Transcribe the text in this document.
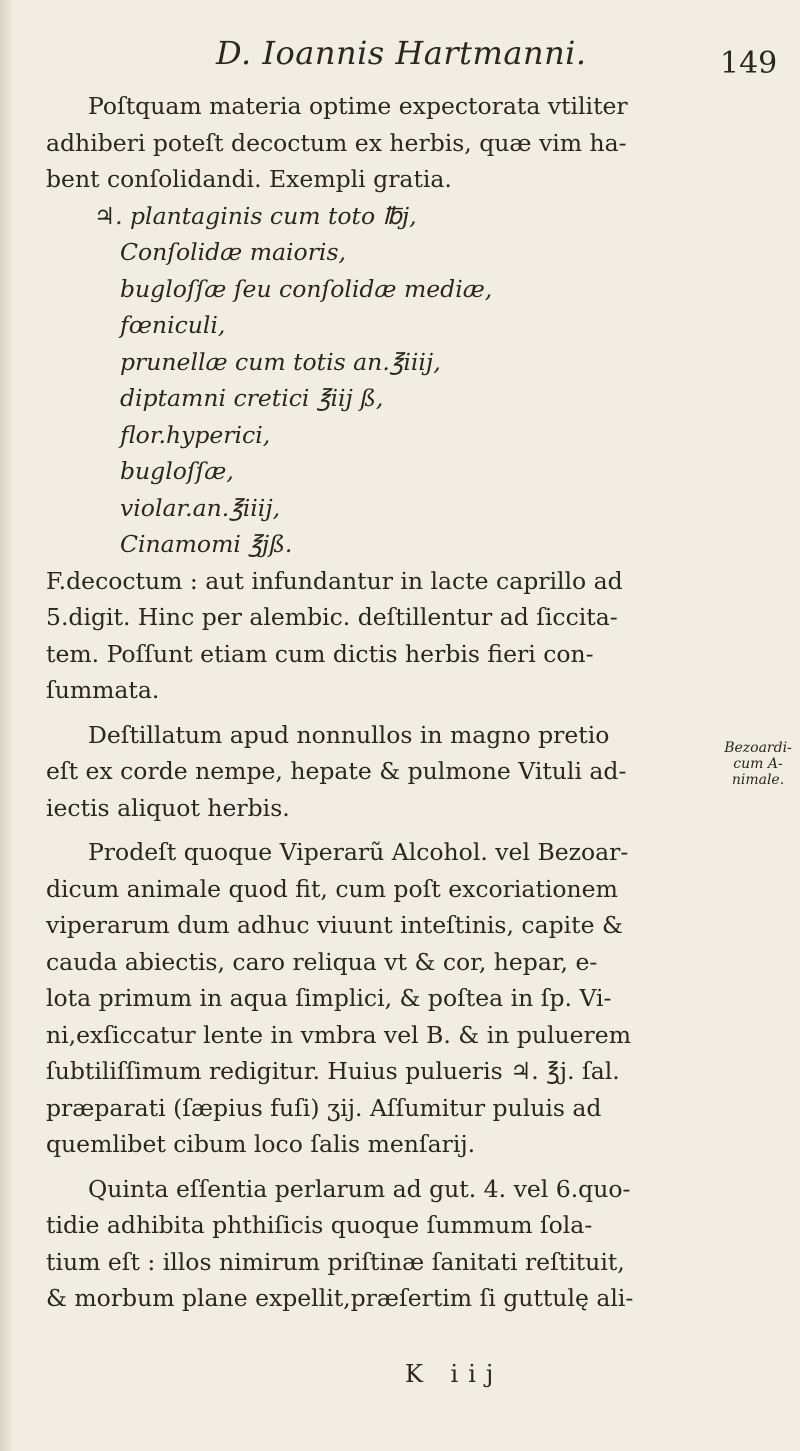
D. Ioannis Hartmanni.	149

Poſtquam materia optime expectorata vtiliter
adhiberi poteſt decoctum ex herbis, quæ vim ha-
bent conſolidandi. Exempli gratia.

♃. plantaginis cum toto ℔j,
Conſolidæ maioris,
bugloſſæ ſeu conſolidæ mediæ,
fœniculi,
prunellæ cum totis an.℥iiij,
diptamni cretici ℥iij ß,
flor.hyperici,
bugloſſæ,
violar.an.℥iiij,
Cinamomi ℥jß.

F.decoctum : aut infundantur in lacte caprillo ad
5.digit. Hinc per alembic. deſtillentur ad ſiccita-
tem. Poſſunt etiam cum dictis herbis fieri con-
ſummata.

Deſtillatum apud nonnullos in magno pretio
eſt ex corde nempe, hepate & pulmone Vituli ad-
iectis aliquot herbis.

Prodeſt quoque Viperarũ Alcohol. vel Bezoar-
dicum animale quod fit, cum poſt excoriationem
viperarum dum adhuc viuunt inteſtinis, capite &
cauda abiectis, caro reliqua vt & cor, hepar, e-
lota primum in aqua ſimplici, & poſtea in ſp. Vi-
ni,exſiccatur lente in vmbra vel B. & in puluerem
ſubtiliſſimum redigitur. Huius pulueris ♃. ℥j. ſal.
præparati (ſæpius fuſi) ʒij. Aſſumitur puluis ad
quemlibet cibum loco ſalis menſarij.

Quinta eſſentia perlarum ad gut. 4. vel 6.quo-
tidie adhibita phthiſicis quoque ſummum ſola-
tium eſt : illos nimirum priſtinæ ſanitati reſtituit,
& morbum plane expellit,præſertim ſi guttulę ali-

Bezoardi-
cum A-
nimale.
K iij
